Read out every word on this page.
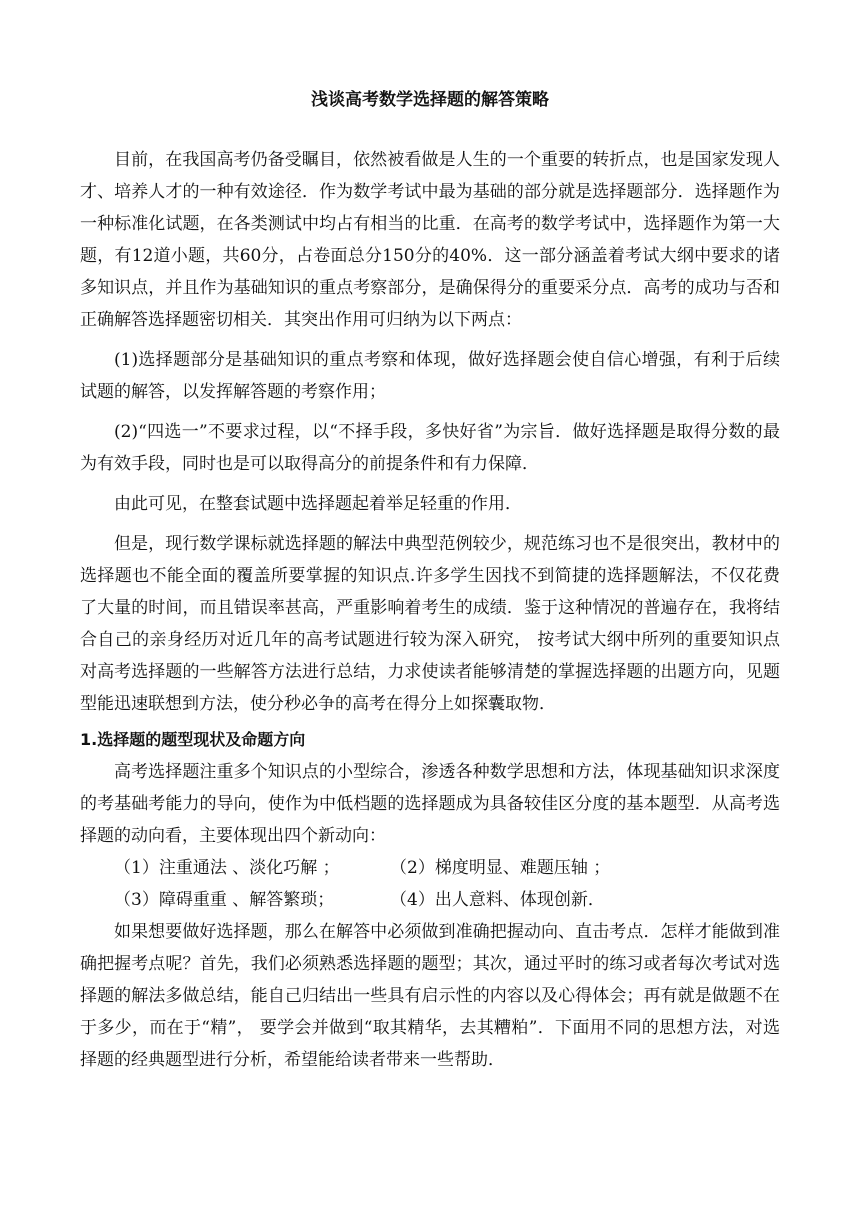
浅谈高考数学选择题的解答策略

目前，在我国高考仍备受瞩目，依然被看做是人生的一个重要的转折点，也是国家发现人才、培养人才的一种有效途径．作为数学考试中最为基础的部分就是选择题部分．选择题作为一种标准化试题，在各类测试中均占有相当的比重．在高考的数学考试中，选择题作为第一大题，有12道小题，共60分，占卷面总分150分的40%．这一部分涵盖着考试大纲中要求的诸多知识点，并且作为基础知识的重点考察部分，是确保得分的重要采分点．高考的成功与否和正确解答选择题密切相关．其突出作用可归纳为以下两点：

(1)选择题部分是基础知识的重点考察和体现，做好选择题会使自信心增强，有利于后续试题的解答，以发挥解答题的考察作用；

(2)“四选一”不要求过程，以“不择手段，多快好省”为宗旨．做好选择题是取得分数的最为有效手段，同时也是可以取得高分的前提条件和有力保障．

由此可见，在整套试题中选择题起着举足轻重的作用．

但是，现行数学课标就选择题的解法中典型范例较少，规范练习也不是很突出，教材中的选择题也不能全面的覆盖所要掌握的知识点.许多学生因找不到简捷的选择题解法，不仅花费了大量的时间，而且错误率甚高，严重影响着考生的成绩．鉴于这种情况的普遍存在，我将结合自己的亲身经历对近几年的高考试题进行较为深入研究， 按考试大纲中所列的重要知识点对高考选择题的一些解答方法进行总结，力求使读者能够清楚的掌握选择题的出题方向，见题型能迅速联想到方法，使分秒必争的高考在得分上如探囊取物．

1.选择题的题型现状及命题方向

高考选择题注重多个知识点的小型综合，渗透各种数学思想和方法，体现基础知识求深度的考基础考能力的导向，使作为中低档题的选择题成为具备较佳区分度的基本题型．从高考选择题的动向看，主要体现出四个新动向：

（1）注重通法 、淡化巧解 ；	（2）梯度明显、难题压轴 ；
（3）障碍重重 、解答繁琐；	（4）出人意料、体现创新．

如果想要做好选择题，那么在解答中必须做到准确把握动向、直击考点．怎样才能做到准确把握考点呢？首先，我们必须熟悉选择题的题型；其次，通过平时的练习或者每次考试对选择题的解法多做总结，能自己归结出一些具有启示性的内容以及心得体会；再有就是做题不在于多少，而在于“精”， 要学会并做到“取其精华，去其糟粕”．下面用不同的思想方法，对选择题的经典题型进行分析，希望能给读者带来一些帮助．
